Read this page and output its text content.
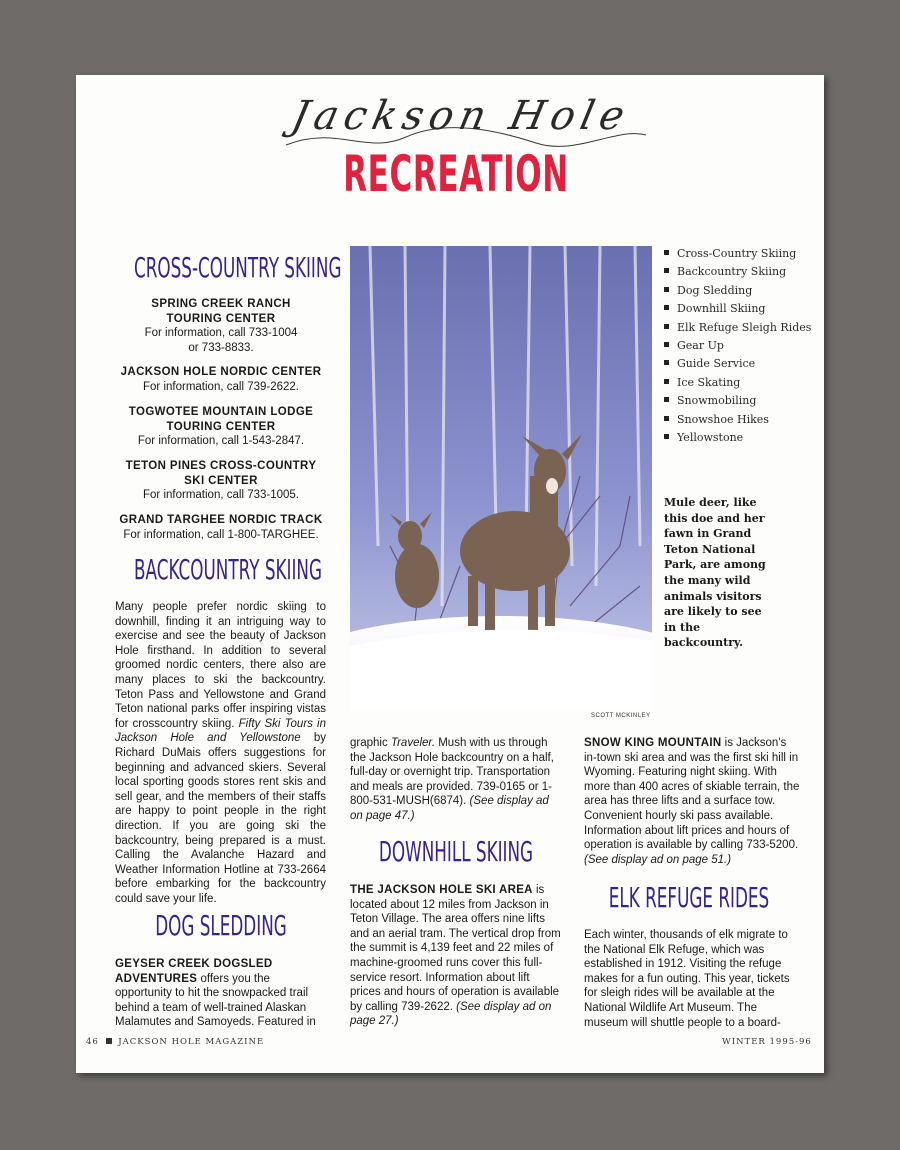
Jackson Hole
RECREATION
CROSS-COUNTRY SKIING
SPRING CREEK RANCH
TOURING CENTER
For information, call 733-1004
or 733-8833.
JACKSON HOLE NORDIC CENTER
For information, call 739-2622.
TOGWOTEE MOUNTAIN LODGE
TOURING CENTER
For information, call 1-543-2847.
TETON PINES CROSS-COUNTRY
SKI CENTER
For information, call 733-1005.
GRAND TARGHEE NORDIC TRACK
For information, call 1-800-TARGHEE.
BACKCOUNTRY SKIING
Many people prefer nordic skiing to downhill, finding it an intriguing way to exercise and see the beauty of Jackson Hole firsthand. In addition to several groomed nordic centers, there also are many places to ski the backcountry. Teton Pass and Yellowstone and Grand Teton national parks offer inspiring vistas for crosscountry skiing. Fifty Ski Tours in Jackson Hole and Yellowstone by Richard DuMais offers suggestions for beginning and advanced skiers. Several local sporting goods stores rent skis and sell gear, and the members of their staffs are happy to point people in the right direction. If you are going ski the backcountry, being prepared is a must. Calling the Avalanche Hazard and Weather Information Hotline at 733-2664 before embarking for the backcountry could save your life.
DOG SLEDDING
GEYSER CREEK DOGSLED ADVENTURES offers you the opportunity to hit the snowpacked trail behind a team of well-trained Alaskan Malamutes and Samoyeds. Featured in
SCOTT MCKINLEY
Cross-Country Skiing
Backcountry Skiing
Dog Sledding
Downhill Skiing
Elk Refuge Sleigh Rides
Gear Up
Guide Service
Ice Skating
Snowmobiling
Snowshoe Hikes
Yellowstone
Mule deer, like this doe and her fawn in Grand Teton National Park, are among the many wild animals visitors are likely to see in the backcountry.
graphic Traveler. Mush with us through the Jackson Hole backcountry on a half, full-day or overnight trip. Transportation and meals are provided. 739-0165 or 1-800-531-MUSH(6874). (See display ad on page 47.)
DOWNHILL SKIING
THE JACKSON HOLE SKI AREA is located about 12 miles from Jackson in Teton Village. The area offers nine lifts and an aerial tram. The vertical drop from the summit is 4,139 feet and 22 miles of machine-groomed runs cover this full-service resort. Information about lift prices and hours of operation is available by calling 739-2622. (See display ad on page 27.)
SNOW KING MOUNTAIN is Jackson's in-town ski area and was the first ski hill in Wyoming. Featuring night skiing. With more than 400 acres of skiable terrain, the area has three lifts and a surface tow. Convenient hourly ski pass available. Information about lift prices and hours of operation is available by calling 733-5200. (See display ad on page 51.)
ELK REFUGE RIDES
Each winter, thousands of elk migrate to the National Elk Refuge, which was established in 1912. Visiting the refuge makes for a fun outing. This year, tickets for sleigh rides will be available at the National Wildlife Art Museum. The museum will shuttle people to a board-
46 JACKSON HOLE MAGAZINE	WINTER 1995-96
